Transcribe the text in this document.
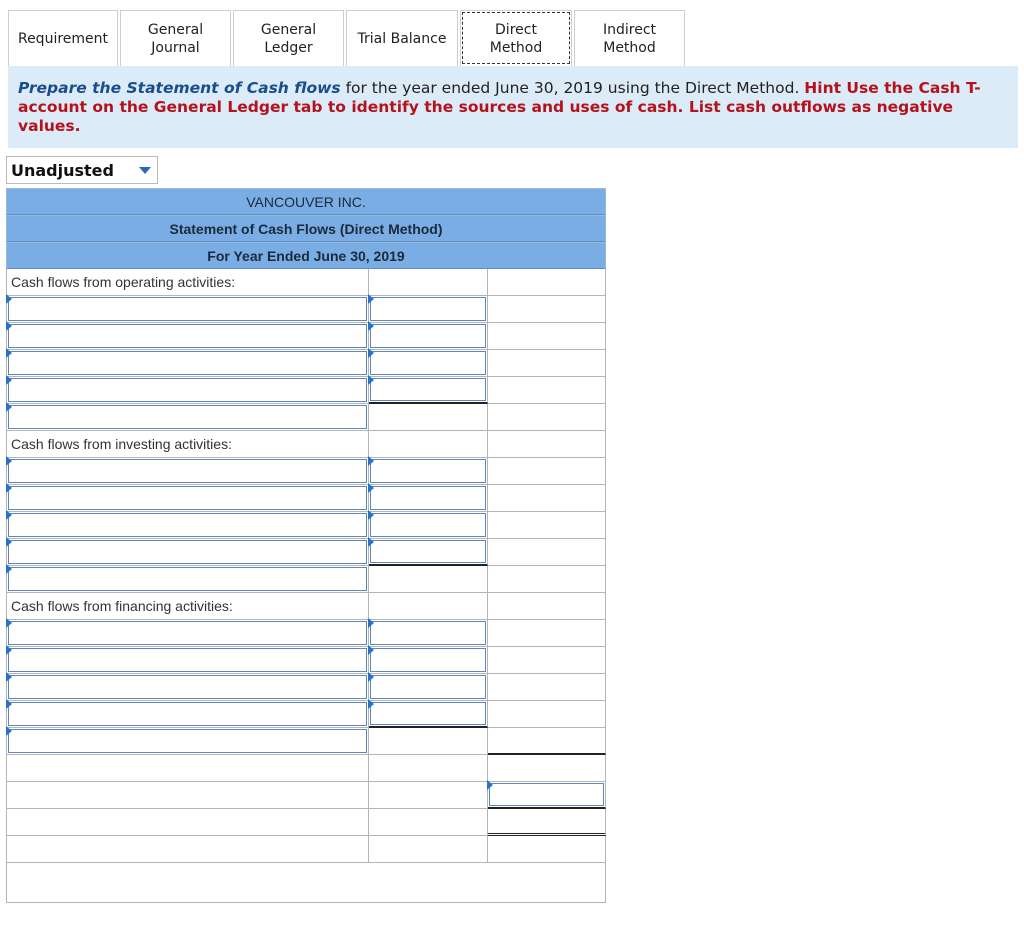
Requirement
General
Journal
General
Ledger
Trial Balance
Direct Method
Indirect
Method
Prepare the Statement of Cash flows for the year ended June 30, 2019 using the Direct Method. Hint Use the Cash T-account on the General Ledger tab to identify the sources and uses of cash. List cash outflows as negative values.
Unadjusted
VANCOUVER INC.
Statement of Cash Flows (Direct Method)
For Year Ended June 30, 2019
Cash flows from operating activities:
Cash flows from investing activities:
Cash flows from financing activities:
